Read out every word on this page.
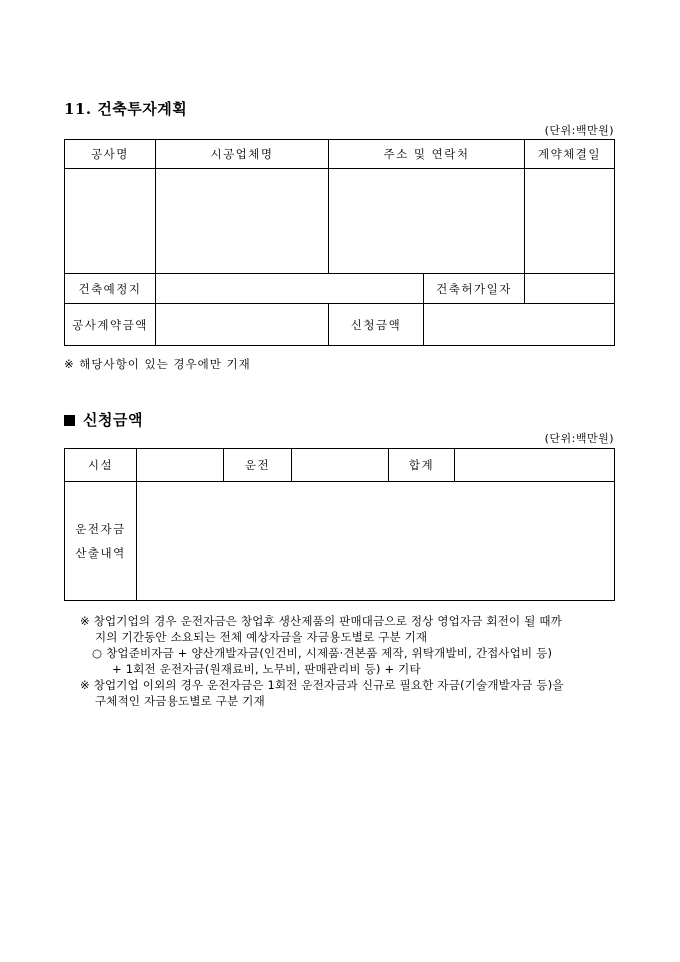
11. 건축투자계획
(단위:백만원)
공사명	시공업체명	주소 및 연락처		계약체결일

건축예정지			건축허가일자	
공사계약금액		신청금액		
※ 해당사항이 있는 경우에만 기재
신청금액
(단위:백만원)
시설		운전		합계	

운전자금
산출내역					

※ 창업기업의 경우 운전자금은 창업후 생산제품의 판매대금으로 정상 영업자금 회전이 될 때까
지의 기간동안 소요되는 전체 예상자금을 자금용도별로 구분 기재
○ 창업준비자금 + 양산개발자금(인건비, 시제품·견본품 제작, 위탁개발비, 간접사업비 등)
+ 1회전 운전자금(원재료비, 노무비, 판매관리비 등) + 기타
※ 창업기업 이외의 경우 운전자금은 1회전 운전자금과 신규로 필요한 자금(기술개발자금 등)을
구체적인 자금용도별로 구분 기재
